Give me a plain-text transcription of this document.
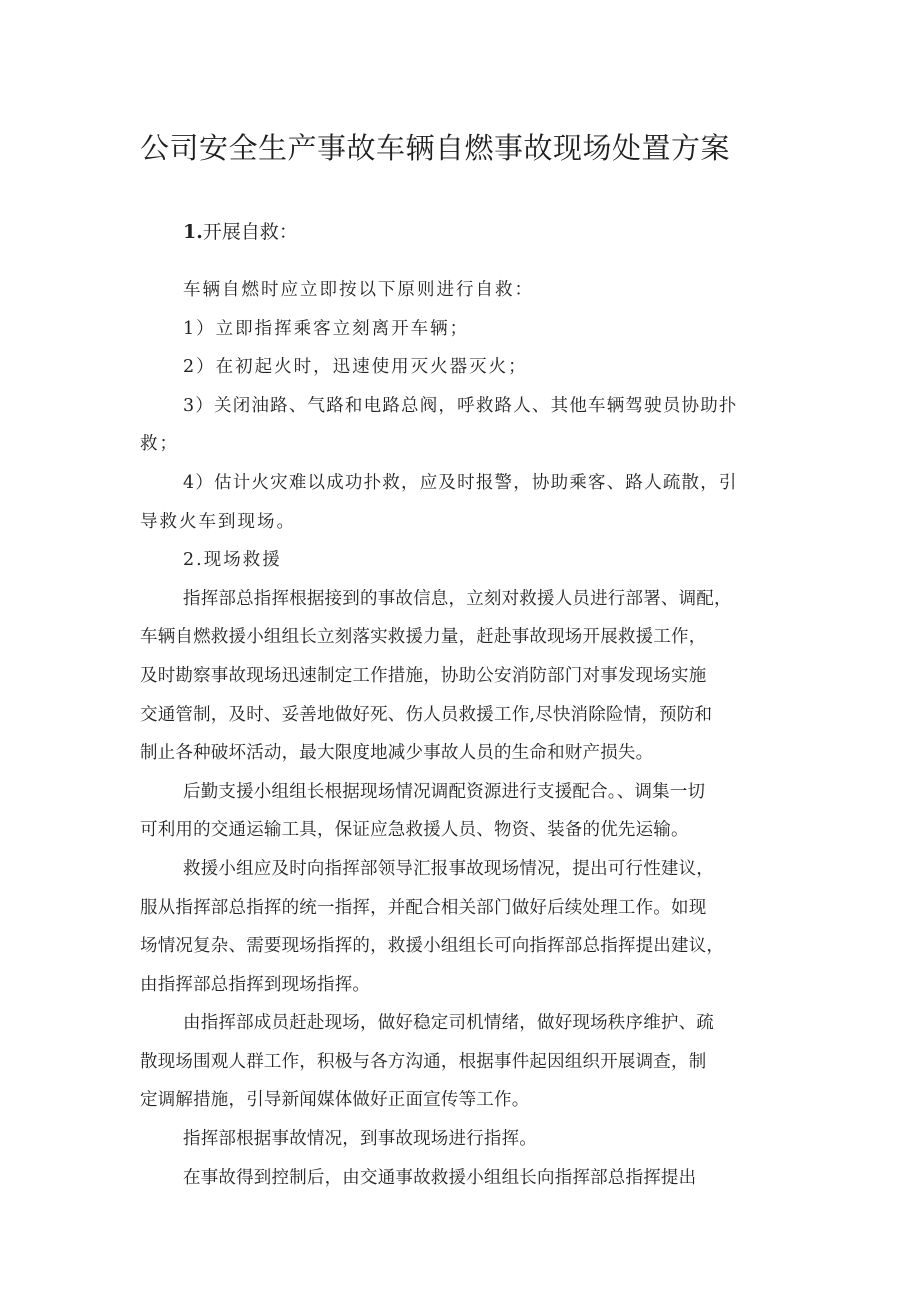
公司安全生产事故车辆自燃事故现场处置方案
1.开展自救：
车辆自燃时应立即按以下原则进行自救：
1）立即指挥乘客立刻离开车辆；
2）在初起火时，迅速使用灭火器灭火；
3）关闭油路、气路和电路总阀，呼救路人、其他车辆驾驶员协助扑
救；
4）估计火灾难以成功扑救，应及时报警，协助乘客、路人疏散，引
导救火车到现场。
2.现场救援
指挥部总指挥根据接到的事故信息，立刻对救援人员进行部署、调配，
车辆自燃救援小组组长立刻落实救援力量，赶赴事故现场开展救援工作，
及时勘察事故现场迅速制定工作措施，协助公安消防部门对事发现场实施
交通管制，及时、妥善地做好死、伤人员救援工作,尽快消除险情，预防和
制止各种破坏活动，最大限度地减少事故人员的生命和财产损失。
后勤支援小组组长根据现场情况调配资源进行支援配合。、调集一切
可利用的交通运输工具，保证应急救援人员、物资、装备的优先运输。
救援小组应及时向指挥部领导汇报事故现场情况，提出可行性建议，
服从指挥部总指挥的统一指挥，并配合相关部门做好后续处理工作。如现
场情况复杂、需要现场指挥的，救援小组组长可向指挥部总指挥提出建议，
由指挥部总指挥到现场指挥。
由指挥部成员赶赴现场，做好稳定司机情绪，做好现场秩序维护、疏
散现场围观人群工作，积极与各方沟通，根据事件起因组织开展调查，制
定调解措施，引导新闻媒体做好正面宣传等工作。
指挥部根据事故情况，到事故现场进行指挥。
在事故得到控制后，由交通事故救援小组组长向指挥部总指挥提出
